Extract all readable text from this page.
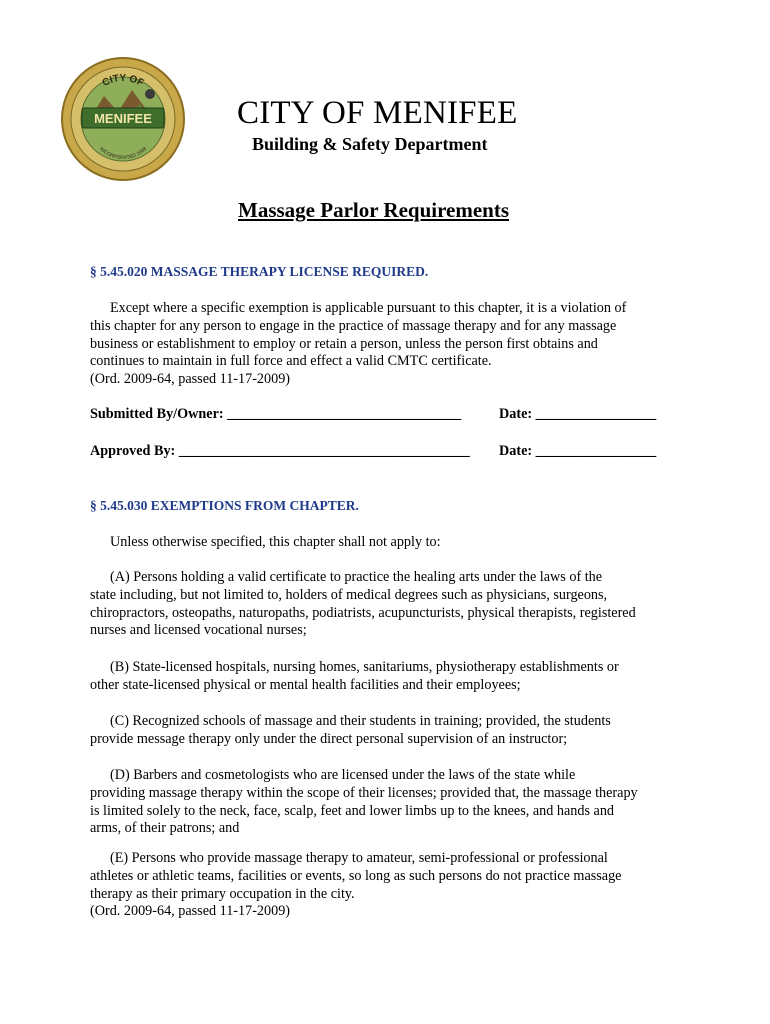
MENIFEE
CITY OF
INCORPORATED 2008
CITY OF MENIFEE
Building & Safety Department
Massage Parlor Requirements
§ 5.45.020 MASSAGE THERAPY LICENSE REQUIRED.

Except where a specific exemption is applicable pursuant to this chapter, it is a violation of

this chapter for any person to engage in the practice of massage therapy and for any massage

business or establishment to employ or retain a person, unless the person first obtains and

continues to maintain in full force and effect a valid CMTC certificate.

(Ord. 2009-64, passed 11-17-2009)

Submitted By/Owner: _________________________________	Date: _________________
Approved By: _________________________________________ Date: _________________
§ 5.45.030 EXEMPTIONS FROM CHAPTER.

Unless otherwise specified, this chapter shall not apply to:

(A) Persons holding a valid certificate to practice the healing arts under the laws of the

state including, but not limited to, holders of medical degrees such as physicians, surgeons,

chiropractors, osteopaths, naturopaths, podiatrists, acupuncturists, physical therapists, registered

nurses and licensed vocational nurses;

(B) State-licensed hospitals, nursing homes, sanitariums, physiotherapy establishments or

other state-licensed physical or mental health facilities and their employees;

(C) Recognized schools of massage and their students in training; provided, the students

provide message therapy only under the direct personal supervision of an instructor;

(D) Barbers and cosmetologists who are licensed under the laws of the state while

providing massage therapy within the scope of their licenses; provided that, the massage therapy

is limited solely to the neck, face, scalp, feet and lower limbs up to the knees, and hands and

arms, of their patrons; and

(E) Persons who provide massage therapy to amateur, semi-professional or professional

athletes or athletic teams, facilities or events, so long as such persons do not practice massage

therapy as their primary occupation in the city.

(Ord. 2009-64, passed 11-17-2009)
